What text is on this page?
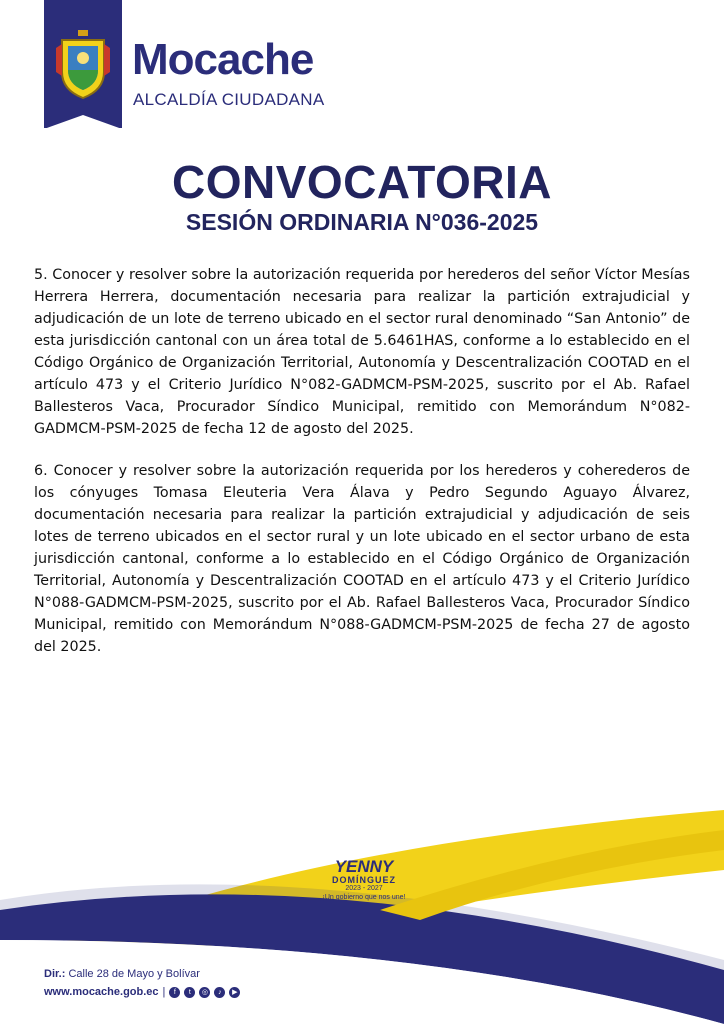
Mocache
ALCALDÍA CIUDADANA
CONVOCATORIA
SESIÓN ORDINARIA N°036-2025
5. Conocer y resolver sobre la autorización requerida por herederos del señor Víctor Mesías Herrera Herrera, documentación necesaria para realizar la partición extrajudicial y adjudicación de un lote de terreno ubicado en el sector rural denominado “San Antonio” de esta jurisdicción cantonal con un área total de 5.6461HAS, conforme a lo establecido en el Código Orgánico de Organización Territorial, Autonomía y Descentralización COOTAD en el artículo 473 y el Criterio Jurídico N°082-GADMCM-PSM-2025, suscrito por el Ab. Rafael Ballesteros Vaca, Procurador Síndico Municipal, remitido con Memorándum N°082-GADMCM-PSM-2025 de fecha 12 de agosto del 2025.
6. Conocer y resolver sobre la autorización requerida por los herederos y coherederos de los cónyuges Tomasa Eleuteria Vera Álava y Pedro Segundo Aguayo Álvarez, documentación necesaria para realizar la partición extrajudicial y adjudicación de seis lotes de terreno ubicados en el sector rural y un lote ubicado en el sector urbano de esta jurisdicción cantonal, conforme a lo establecido en el Código Orgánico de Organización Territorial, Autonomía y Descentralización COOTAD en el artículo 473 y el Criterio Jurídico N°088-GADMCM-PSM-2025, suscrito por el Ab. Rafael Ballesteros Vaca, Procurador Síndico Municipal, remitido con Memorándum N°088-GADMCM-PSM-2025 de fecha 27 de agosto del 2025.
YENNY
DOMÍNGUEZ
2023 - 2027
¡Un gobierno que nos une!
Dir.: Calle 28 de Mayo y Bolívar
www.mocache.gob.ec |	f	t	◎	♪	▶
